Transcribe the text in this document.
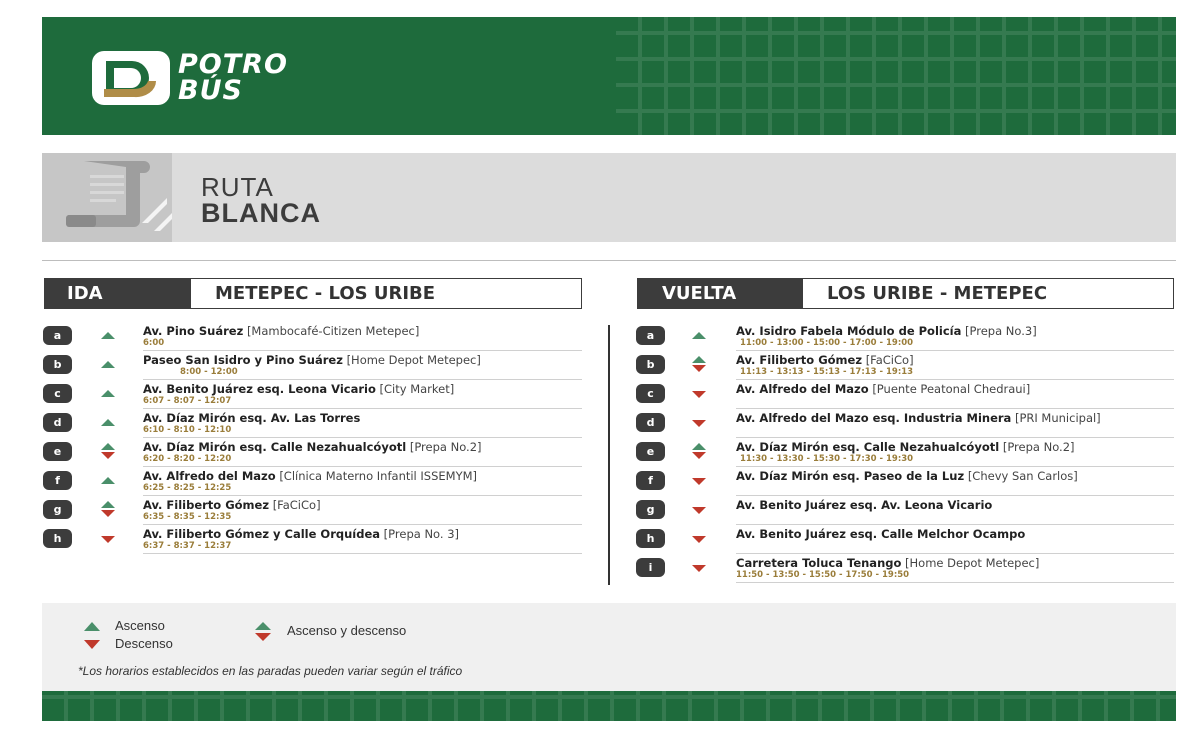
POTRO
BÚS
RUTA
BLANCA
IDA	METEPEC - LOS URIBE	VUELTA	LOS URIBE - METEPEC
a	Av. Pino Suárez [Mambocafé-Citizen Metepec]
6:00
b	Paseo San Isidro y Pino Suárez [Home Depot Metepec]
8:00 - 12:00
c	Av. Benito Juárez esq. Leona Vicario [City Market]
6:07 - 8:07 - 12:07
d	Av. Díaz Mirón esq. Av. Las Torres
6:10 - 8:10 - 12:10
e	Av. Díaz Mirón esq. Calle Nezahualcóyotl [Prepa No.2]
6:20 - 8:20 - 12:20
f	Av. Alfredo del Mazo [Clínica Materno Infantil ISSEMYM]
6:25 - 8:25 - 12:25
g	Av. Filiberto Gómez [FaCiCo]
6:35 - 8:35 - 12:35
h	Av. Filiberto Gómez y Calle Orquídea [Prepa No. 3]
6:37 - 8:37 - 12:37
a	Av. Isidro Fabela Módulo de Policía [Prepa No.3]
11:00 - 13:00 - 15:00 - 17:00 - 19:00
b	Av. Filiberto Gómez [FaCiCo]
11:13 - 13:13 - 15:13 - 17:13 - 19:13
c	Av. Alfredo del Mazo [Puente Peatonal Chedraui]
d	Av. Alfredo del Mazo esq. Industria Minera [PRI Municipal]
e	Av. Díaz Mirón esq. Calle Nezahualcóyotl [Prepa No.2]
11:30 - 13:30 - 15:30 - 17:30 - 19:30
f	Av. Díaz Mirón esq. Paseo de la Luz [Chevy San Carlos]
g	Av. Benito Juárez esq. Av. Leona Vicario
h	Av. Benito Juárez esq. Calle Melchor Ocampo
i	Carretera Toluca Tenango [Home Depot Metepec]
11:50 - 13:50 - 15:50 - 17:50 - 19:50
Ascenso
Descenso
Ascenso y descenso
*Los horarios establecidos en las paradas pueden variar según el tráfico
